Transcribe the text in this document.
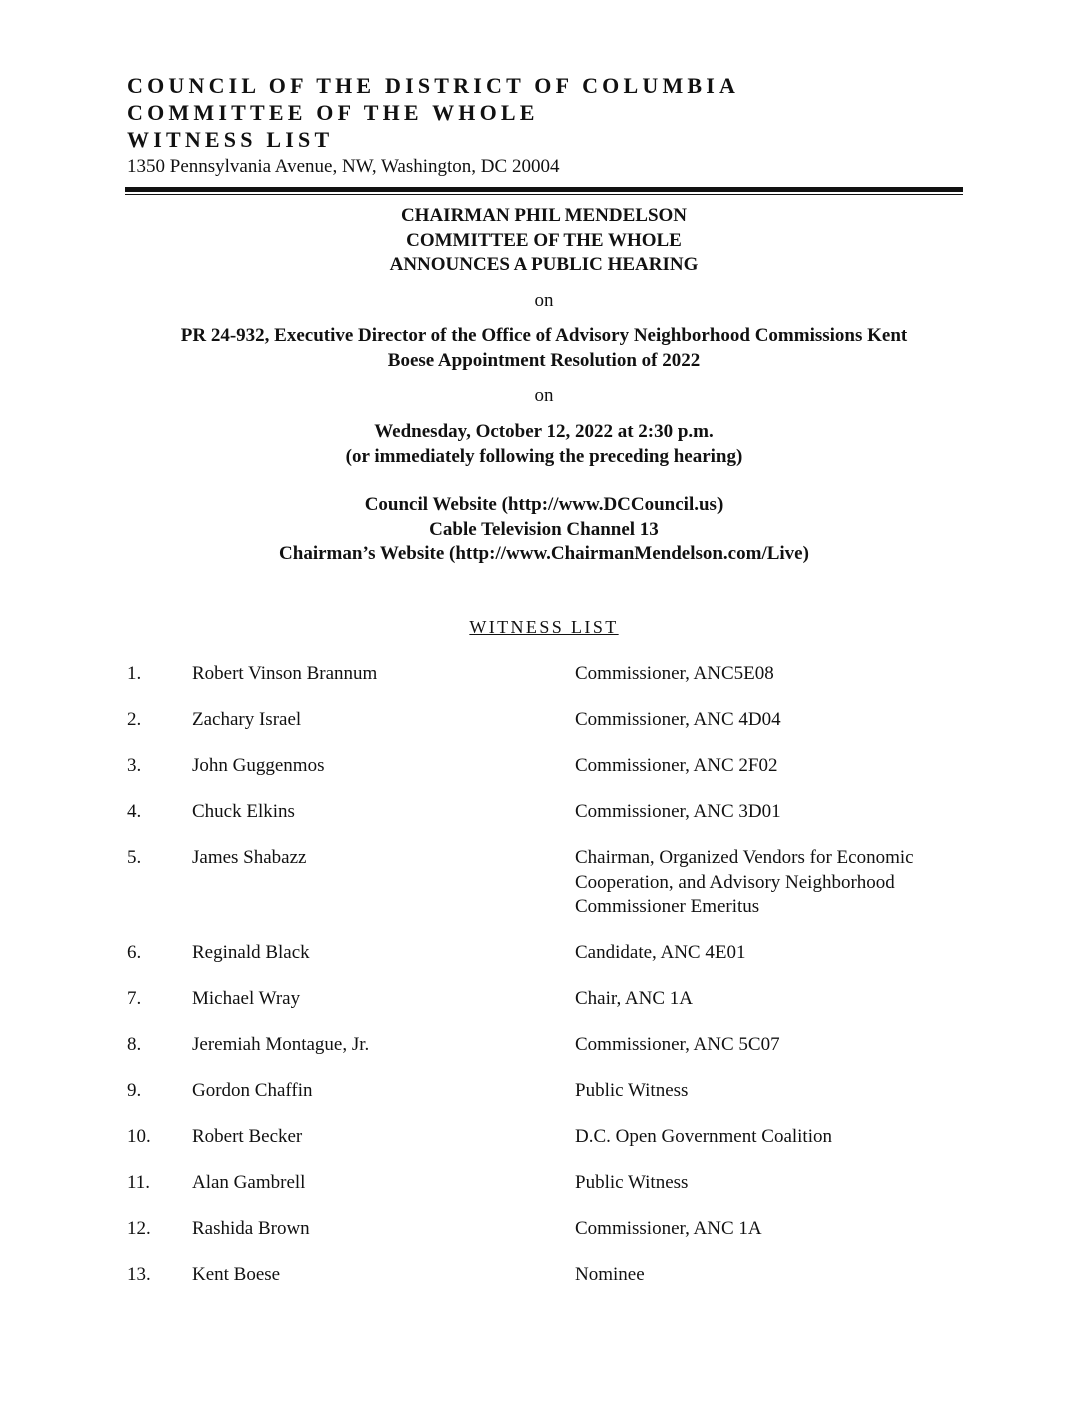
COUNCIL OF THE DISTRICT OF COLUMBIA
COMMITTEE OF THE WHOLE
WITNESS LIST
1350 Pennsylvania Avenue, NW, Washington, DC 20004
CHAIRMAN PHIL MENDELSON
COMMITTEE OF THE WHOLE
ANNOUNCES A PUBLIC HEARING
on
PR 24-932, Executive Director of the Office of Advisory Neighborhood Commissions Kent
Boese Appointment Resolution of 2022
on
Wednesday, October 12, 2022 at 2:30 p.m.
(or immediately following the preceding hearing)
Council Website (http://www.DCCouncil.us)
Cable Television Channel 13
Chairman’s Website (http://www.ChairmanMendelson.com/Live)
WITNESS LIST
1.	Robert Vinson Brannum	Commissioner, ANC5E08
2.	Zachary Israel	Commissioner, ANC 4D04
3.	John Guggenmos	Commissioner, ANC 2F02
4.	Chuck Elkins	Commissioner, ANC 3D01
5.	James Shabazz	Chairman, Organized Vendors for Economic Cooperation, and Advisory Neighborhood Commissioner Emeritus
6.	Reginald Black	Candidate, ANC 4E01
7.	Michael Wray	Chair, ANC 1A
8.	Jeremiah Montague, Jr.	Commissioner, ANC 5C07
9.	Gordon Chaffin	Public Witness
10. Robert Becker	D.C. Open Government Coalition
11. Alan Gambrell	Public Witness
12. Rashida Brown	Commissioner, ANC 1A
13. Kent Boese	Nominee
